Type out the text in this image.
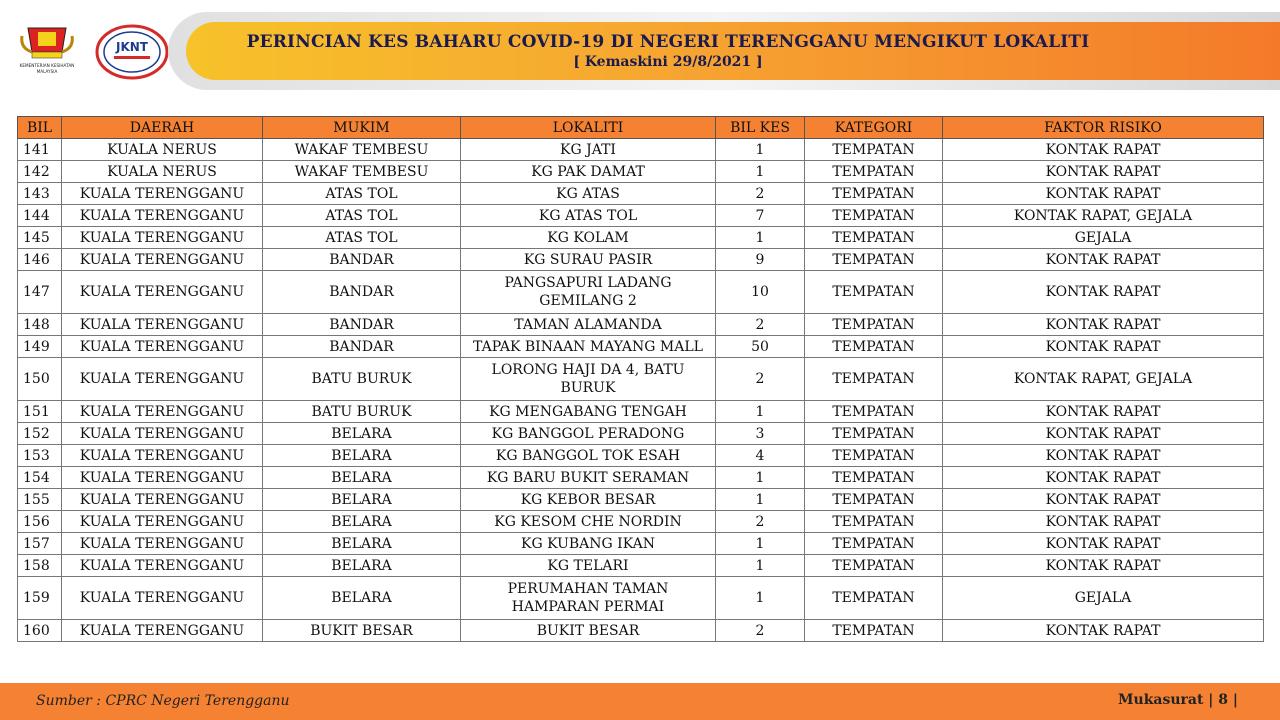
KEMENTERIAN KESIHATAN
MALAYSIA
JKNT	PERINCIAN KES BAHARU COVID-19 DI NEGERI TERENGGANU MENGIKUT LOKALITI
[ Kemaskini 29/8/2021 ]
BIL	DAERAH	MUKIM	LOKALITI	BIL KES	KATEGORI	FAKTOR RISIKO
141	KUALA NERUS	WAKAF TEMBESU	KG JATI	1	TEMPATAN	KONTAK RAPAT
142	KUALA NERUS	WAKAF TEMBESU	KG PAK DAMAT	1	TEMPATAN	KONTAK RAPAT
143	KUALA TERENGGANU	ATAS TOL	KG ATAS	2	TEMPATAN	KONTAK RAPAT
144	KUALA TERENGGANU	ATAS TOL	KG ATAS TOL	7	TEMPATAN	KONTAK RAPAT, GEJALA
145	KUALA TERENGGANU	ATAS TOL	KG KOLAM	1	TEMPATAN	GEJALA
146	KUALA TERENGGANU	BANDAR	KG SURAU PASIR	9	TEMPATAN	KONTAK RAPAT
147	KUALA TERENGGANU	BANDAR	PANGSAPURI LADANG GEMILANG 2	10	TEMPATAN	KONTAK RAPAT
148	KUALA TERENGGANU	BANDAR	TAMAN ALAMANDA	2	TEMPATAN	KONTAK RAPAT
149	KUALA TERENGGANU	BANDAR	TAPAK BINAAN MAYANG MALL	50	TEMPATAN	KONTAK RAPAT
150	KUALA TERENGGANU	BATU BURUK	LORONG HAJI DA 4, BATU BURUK	2	TEMPATAN	KONTAK RAPAT, GEJALA
151	KUALA TERENGGANU	BATU BURUK	KG MENGABANG TENGAH	1	TEMPATAN	KONTAK RAPAT
152	KUALA TERENGGANU	BELARA	KG BANGGOL PERADONG	3	TEMPATAN	KONTAK RAPAT
153	KUALA TERENGGANU	BELARA	KG BANGGOL TOK ESAH	4	TEMPATAN	KONTAK RAPAT
154	KUALA TERENGGANU	BELARA	KG BARU BUKIT SERAMAN	1	TEMPATAN	KONTAK RAPAT
155	KUALA TERENGGANU	BELARA	KG KEBOR BESAR	1	TEMPATAN	KONTAK RAPAT
156	KUALA TERENGGANU	BELARA	KG KESOM CHE NORDIN	2	TEMPATAN	KONTAK RAPAT
157	KUALA TERENGGANU	BELARA	KG KUBANG IKAN	1	TEMPATAN	KONTAK RAPAT
158	KUALA TERENGGANU	BELARA	KG TELARI	1	TEMPATAN	KONTAK RAPAT
159	KUALA TERENGGANU	BELARA	PERUMAHAN TAMAN HAMPARAN PERMAI	1	TEMPATAN	GEJALA
160	KUALA TERENGGANU	BUKIT BESAR	BUKIT BESAR	2	TEMPATAN	KONTAK RAPAT
Sumber : CPRC Negeri Terengganu	Mukasurat | 8 |
